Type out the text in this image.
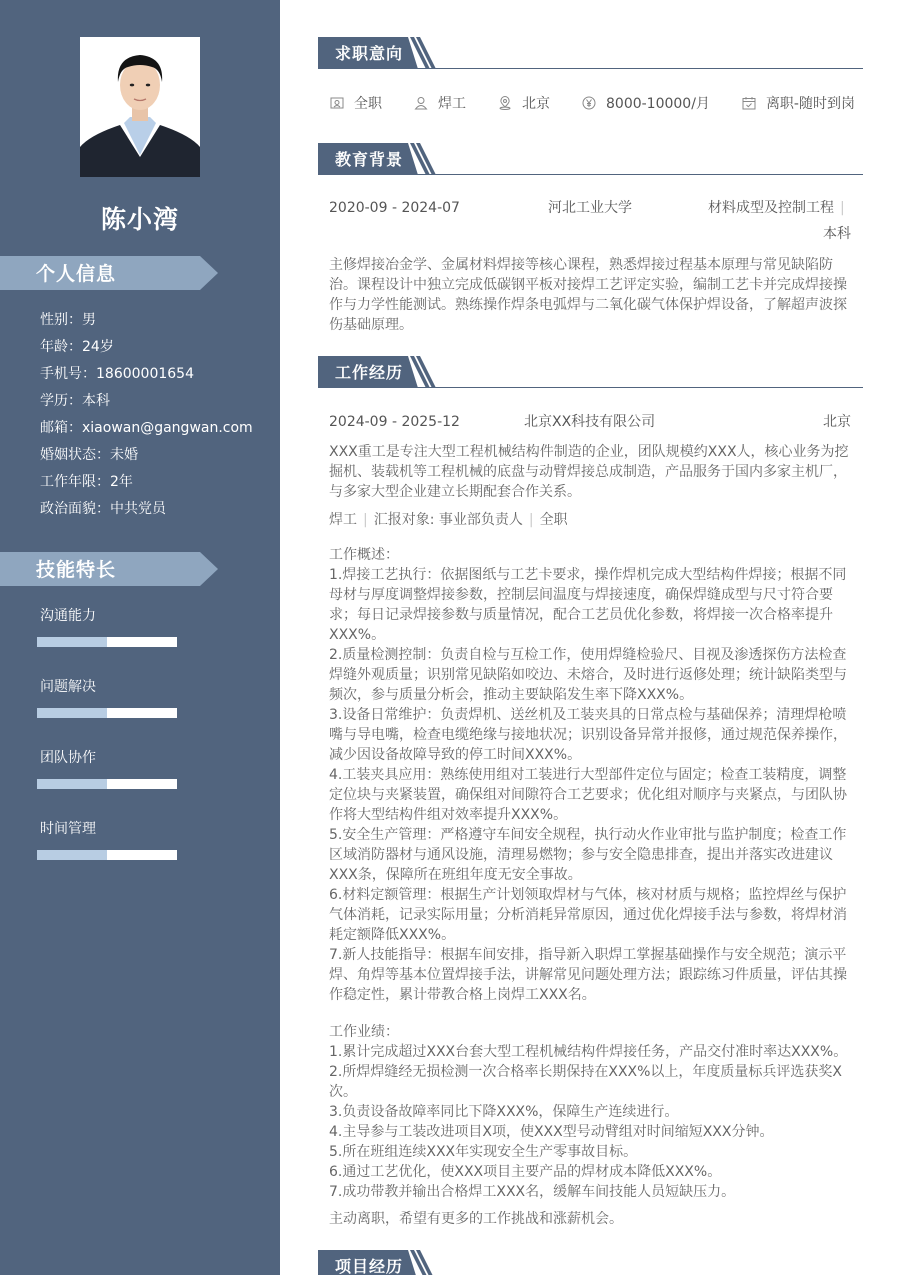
陈小湾
个人信息
性别：男
年龄：24岁
手机号：18600001654
学历：本科
邮箱：xiaowan@gangwan.com
婚姻状态：未婚
工作年限：2年
政治面貌：中共党员
技能特长
沟通能力
问题解决
团队协作
时间管理
求职意向
全职	焊工	北京	8000-10000/月	离职-随时到岗
教育背景
2020-09 - 2024-07	河北工业大学	材料成型及控制工程 |
本科
主修焊接冶金学、金属材料焊接等核心课程，熟悉焊接过程基本原理与常见缺陷防
治。课程设计中独立完成低碳钢平板对接焊工艺评定实验，编制工艺卡并完成焊接操
作与力学性能测试。熟练操作焊条电弧焊与二氧化碳气体保护焊设备，了解超声波探
伤基础原理。
工作经历
2024-09 - 2025-12	北京XX科技有限公司	北京
XXX重工是专注大型工程机械结构件制造的企业，团队规模约XXX人，核心业务为挖
掘机、装载机等工程机械的底盘与动臂焊接总成制造，产品服务于国内多家主机厂，
与多家大型企业建立长期配套合作关系。
焊工 | 汇报对象: 事业部负责人 | 全职
工作概述：
1.焊接工艺执行：依据图纸与工艺卡要求，操作焊机完成大型结构件焊接；根据不同
母材与厚度调整焊接参数，控制层间温度与焊接速度，确保焊缝成型与尺寸符合要
求；每日记录焊接参数与质量情况，配合工艺员优化参数，将焊接一次合格率提升
XXX%。
2.质量检测控制：负责自检与互检工作，使用焊缝检验尺、目视及渗透探伤方法检查
焊缝外观质量；识别常见缺陷如咬边、未熔合，及时进行返修处理；统计缺陷类型与
频次，参与质量分析会，推动主要缺陷发生率下降XXX%。
3.设备日常维护：负责焊机、送丝机及工装夹具的日常点检与基础保养；清理焊枪喷
嘴与导电嘴，检查电缆绝缘与接地状况；识别设备异常并报修，通过规范保养操作，
减少因设备故障导致的停工时间XXX%。
4.工装夹具应用：熟练使用组对工装进行大型部件定位与固定；检查工装精度，调整
定位块与夹紧装置，确保组对间隙符合工艺要求；优化组对顺序与夹紧点，与团队协
作将大型结构件组对效率提升XXX%。
5.安全生产管理：严格遵守车间安全规程，执行动火作业审批与监护制度；检查工作
区域消防器材与通风设施，清理易燃物；参与安全隐患排查，提出并落实改进建议
XXX条，保障所在班组年度无安全事故。
6.材料定额管理：根据生产计划领取焊材与气体，核对材质与规格；监控焊丝与保护
气体消耗，记录实际用量；分析消耗异常原因，通过优化焊接手法与参数，将焊材消
耗定额降低XXX%。
7.新人技能指导：根据车间安排，指导新入职焊工掌握基础操作与安全规范；演示平
焊、角焊等基本位置焊接手法，讲解常见问题处理方法；跟踪练习件质量，评估其操
作稳定性，累计带教合格上岗焊工XXX名。
工作业绩：
1.累计完成超过XXX台套大型工程机械结构件焊接任务，产品交付准时率达XXX%。
2.所焊焊缝经无损检测一次合格率长期保持在XXX%以上，年度质量标兵评选获奖X
次。
3.负责设备故障率同比下降XXX%，保障生产连续进行。
4.主导参与工装改进项目X项，使XXX型号动臂组对时间缩短XXX分钟。
5.所在班组连续XXX年实现安全生产零事故目标。
6.通过工艺优化，使XXX项目主要产品的焊材成本降低XXX%。
7.成功带教并输出合格焊工XXX名，缓解车间技能人员短缺压力。
主动离职，希望有更多的工作挑战和涨薪机会。
项目经历
